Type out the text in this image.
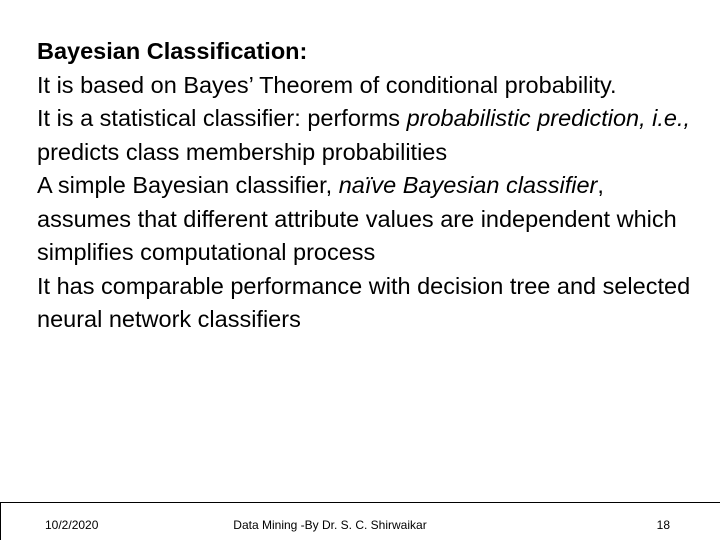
Bayesian Classification:

It is based on Bayes’ Theorem of conditional probability.

It is a statistical classifier: performs probabilistic prediction, i.e., predicts class membership probabilities

A simple Bayesian classifier, naïve Bayesian classifier, assumes that different attribute values are independent which simplifies computational process

It has comparable performance with decision tree and selected neural network classifiers

10/2/2020	Data Mining -By Dr. S. C. Shirwaikar	18
